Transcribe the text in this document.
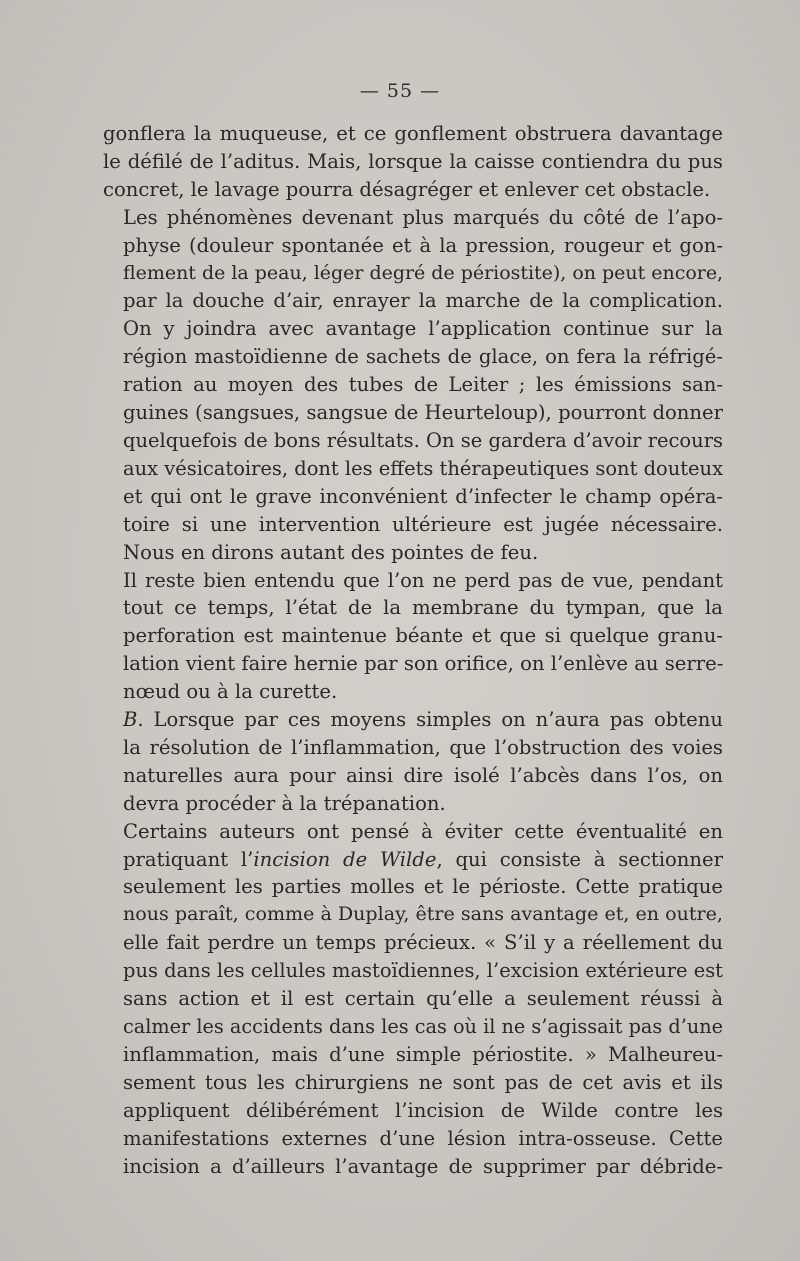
— 55 —

gonflera la muqueuse, et ce gonflement obstruera davantage
le défilé de l’aditus. Mais, lorsque la caisse contiendra du pus
concret, le lavage pourra désagréger et enlever cet obstacle.

Les phénomènes devenant plus marqués du côté de l’apo-
physe (douleur spontanée et à la pression, rougeur et gon-
flement de la peau, léger degré de périostite), on peut encore,
par la douche d’air, enrayer la marche de la complication.
On y joindra avec avantage l’application continue sur la
région mastoïdienne de sachets de glace, on fera la réfrigé-
ration au moyen des tubes de Leiter ; les émissions san-
guines (sangsues, sangsue de Heurteloup), pourront donner
quelquefois de bons résultats. On se gardera d’avoir recours
aux vésicatoires, dont les effets thérapeutiques sont douteux
et qui ont le grave inconvénient d’infecter le champ opéra-
toire si une intervention ultérieure est jugée nécessaire.
Nous en dirons autant des pointes de feu.

Il reste bien entendu que l’on ne perd pas de vue, pendant
tout ce temps, l’état de la membrane du tympan, que la
perforation est maintenue béante et que si quelque granu-
lation vient faire hernie par son orifice, on l’enlève au serre-
nœud ou à la curette.

B. Lorsque par ces moyens simples on n’aura pas obtenu
la résolution de l’inflammation, que l’obstruction des voies
naturelles aura pour ainsi dire isolé l’abcès dans l’os, on
devra procéder à la trépanation.

Certains auteurs ont pensé à éviter cette éventualité en
pratiquant l’incision de Wilde, qui consiste à sectionner
seulement les parties molles et le périoste. Cette pratique
nous paraît, comme à Duplay, être sans avantage et, en outre,
elle fait perdre un temps précieux. « S’il y a réellement du
pus dans les cellules mastoïdiennes, l’excision extérieure est
sans action et il est certain qu’elle a seulement réussi à
calmer les accidents dans les cas où il ne s’agissait pas d’une
inflammation, mais d’une simple périostite. » Malheureu-
sement tous les chirurgiens ne sont pas de cet avis et ils
appliquent délibérément l’incision de Wilde contre les
manifestations externes d’une lésion intra-osseuse. Cette
incision a d’ailleurs l’avantage de supprimer par débride-
